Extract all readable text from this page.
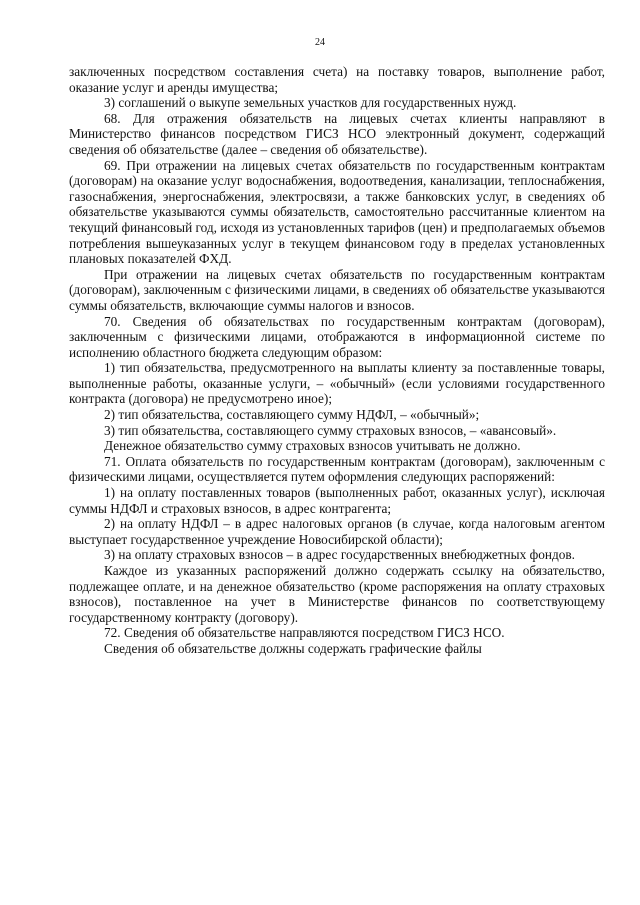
24

заключенных посредством составления счета) на поставку товаров, выполнение работ, оказание услуг и аренды имущества;

3) соглашений о выкупе земельных участков для государственных нужд.

68. Для отражения обязательств на лицевых счетах клиенты направляют в Министерство финансов посредством ГИСЗ НСО электронный документ, содержащий сведения об обязательстве (далее – сведения об обязательстве).

69. При отражении на лицевых счетах обязательств по государственным контрактам (договорам) на оказание услуг водоснабжения, водоотведения, канализации, теплоснабжения, газоснабжения, энергоснабжения, электросвязи, а также банковских услуг, в сведениях об обязательстве указываются суммы обязательств, самостоятельно рассчитанные клиентом на текущий финансовый год, исходя из установленных тарифов (цен) и предполагаемых объемов потребления вышеуказанных услуг в текущем финансовом году в пределах установленных плановых показателей ФХД.

При отражении на лицевых счетах обязательств по государственным контрактам (договорам), заключенным с физическими лицами, в сведениях об обязательстве указываются суммы обязательств, включающие суммы налогов и взносов.

70. Сведения об обязательствах по государственным контрактам (договорам), заключенным с физическими лицами, отображаются в информационной системе по исполнению областного бюджета следующим образом:

1) тип обязательства, предусмотренного на выплаты клиенту за поставленные товары, выполненные работы, оказанные услуги, – «обычный» (если условиями государственного контракта (договора) не предусмотрено иное);

2) тип обязательства, составляющего сумму НДФЛ, – «обычный»;

3) тип обязательства, составляющего сумму страховых взносов, – «авансовый».

Денежное обязательство сумму страховых взносов учитывать не должно.

71. Оплата обязательств по государственным контрактам (договорам), заключенным с физическими лицами, осуществляется путем оформления следующих распоряжений:

1) на оплату поставленных товаров (выполненных работ, оказанных услуг), исключая суммы НДФЛ и страховых взносов, в адрес контрагента;

2) на оплату НДФЛ – в адрес налоговых органов (в случае, когда налоговым агентом выступает государственное учреждение Новосибирской области);

3) на оплату страховых взносов – в адрес государственных внебюджетных фондов.

Каждое из указанных распоряжений должно содержать ссылку на обязательство, подлежащее оплате, и на денежное обязательство (кроме распоряжения на оплату страховых взносов), поставленное на учет в Министерстве финансов по соответствующему государственному контракту (договору).

72. Сведения об обязательстве направляются посредством ГИСЗ НСО.

Сведения об обязательстве должны содержать графические файлы
